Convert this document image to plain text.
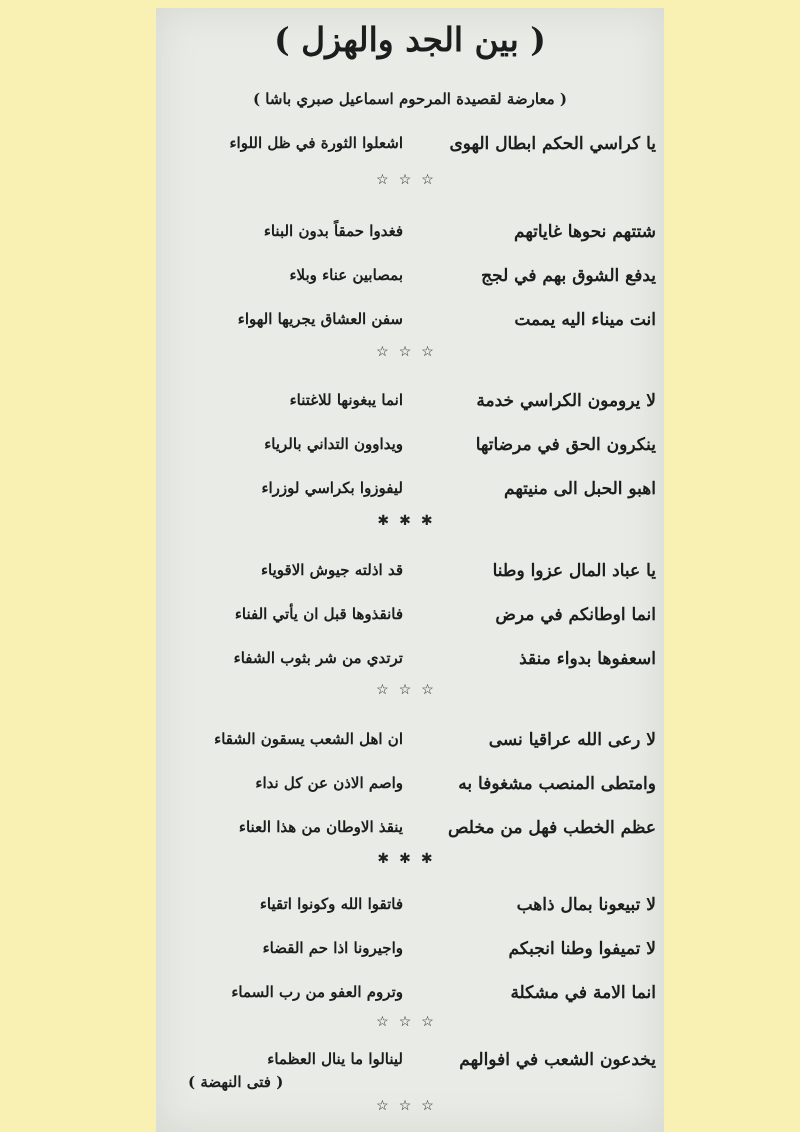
( بين الجد والهزل )
( معارضة لقصيدة المرحوم اسماعيل صبري باشا )
يا كراسي الحكم ابطال الهوى
اشعلوا الثورة في ظل اللواء
☆☆☆
شتتهم نحوها غاياتهم
فغدوا حمقاً بدون البناء
يدفع الشوق بهم في لجج
بمصابين عناء وبلاء
انت ميناء اليه يممت
سفن العشاق يجريها الهواء
☆☆☆
لا يرومون الكراسي خدمة
انما يبغونها للاغتناء
ينكرون الحق في مرضاتها
ويداوون التداني بالرياء
اهبو الحبل الى منيتهم
ليفوزوا بكراسي لوزراء
✱✱✱
يا عباد المال عزوا وطنا
قد اذلته جيوش الاقوياء
انما اوطانكم في مرض
فانقذوها قبل ان يأتي الفناء
اسعفوها بدواء منقذ
ترتدي من شر بثوب الشفاء
☆☆☆
لا رعى الله عراقيا نسى
ان اهل الشعب يسقون الشقاء
وامتطى المنصب مشغوفا به
واصم الاذن عن كل نداء
عظم الخطب فهل من مخلص
ينقذ الاوطان من هذا العناء
✱✱✱
لا تبيعونا بمال ذاهب
فاتقوا الله وكونوا اتقياء
لا تميفوا وطنا انجبكم
واجيرونا اذا حم القضاء
انما الامة في مشكلة
وتروم العفو من رب السماء
☆☆☆
يخدعون الشعب في افوالهم
لينالوا ما ينال العظماء
( فتى النهضة )
☆☆☆
